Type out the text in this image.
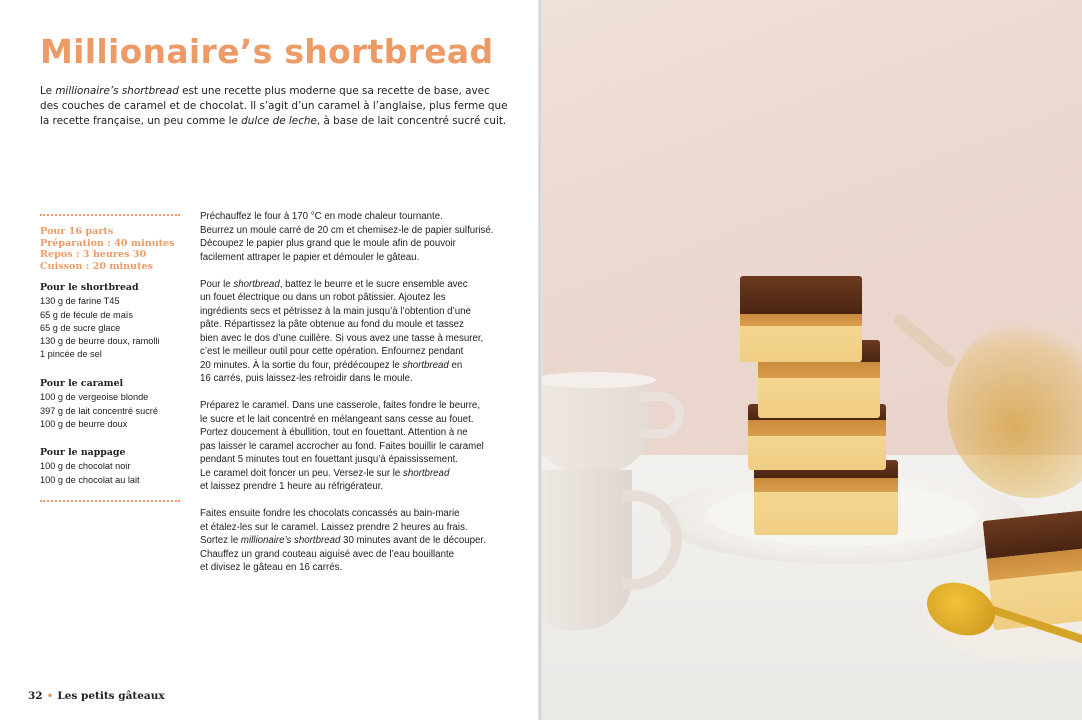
Millionaire’s shortbread

Le millionaire’s shortbread est une recette plus moderne que sa recette de base, avec

des couches de caramel et de chocolat. Il s’agit d’un caramel à l’anglaise, plus ferme que

la recette française, un peu comme le dulce de leche, à base de lait concentré sucré cuit.

Pour 16 parts
Préparation : 40 minutes
Repos : 3 heures 30
Cuisson : 20 minutes
Pour le shortbread
130 g de farine T45
65 g de fécule de maïs
65 g de sucre glace
130 g de beurre doux, ramolli
1 pincée de sel
Pour le caramel
100 g de vergeoise blonde
397 g de lait concentré sucré
100 g de beurre doux
Pour le nappage
100 g de chocolat noir
100 g de chocolat au lait

Préchauffez le four à 170 °C en mode chaleur tournante.
Beurrez un moule carré de 20 cm et chemisez-le de papier sulfurisé.
Découpez le papier plus grand que le moule afin de pouvoir
facilement attraper le papier et démouler le gâteau.

Pour le shortbread, battez le beurre et le sucre ensemble avec
un fouet électrique ou dans un robot pâtissier. Ajoutez les
ingrédients secs et pétrissez à la main jusqu’à l’obtention d’une
pâte. Répartissez la pâte obtenue au fond du moule et tassez
bien avec le dos d’une cuillère. Si vous avez une tasse à mesurer,
c’est le meilleur outil pour cette opération. Enfournez pendant
20 minutes. À la sortie du four, prédécoupez le shortbread en
16 carrés, puis laissez-les refroidir dans le moule.

Préparez le caramel. Dans une casserole, faites fondre le beurre,
le sucre et le lait concentré en mélangeant sans cesse au fouet.
Portez doucement à ébullition, tout en fouettant. Attention à ne
pas laisser le caramel accrocher au fond. Faites bouillir le caramel
pendant 5 minutes tout en fouettant jusqu’à épaississement.
Le caramel doit foncer un peu. Versez-le sur le shortbread
et laissez prendre 1 heure au réfrigérateur.

Faites ensuite fondre les chocolats concassés au bain-marie
et étalez-les sur le caramel. Laissez prendre 2 heures au frais.
Sortez le millionaire’s shortbread 30 minutes avant de le découper.
Chauffez un grand couteau aiguisé avec de l’eau bouillante
et divisez le gâteau en 16 carrés.

32 • Les petits gâteaux
